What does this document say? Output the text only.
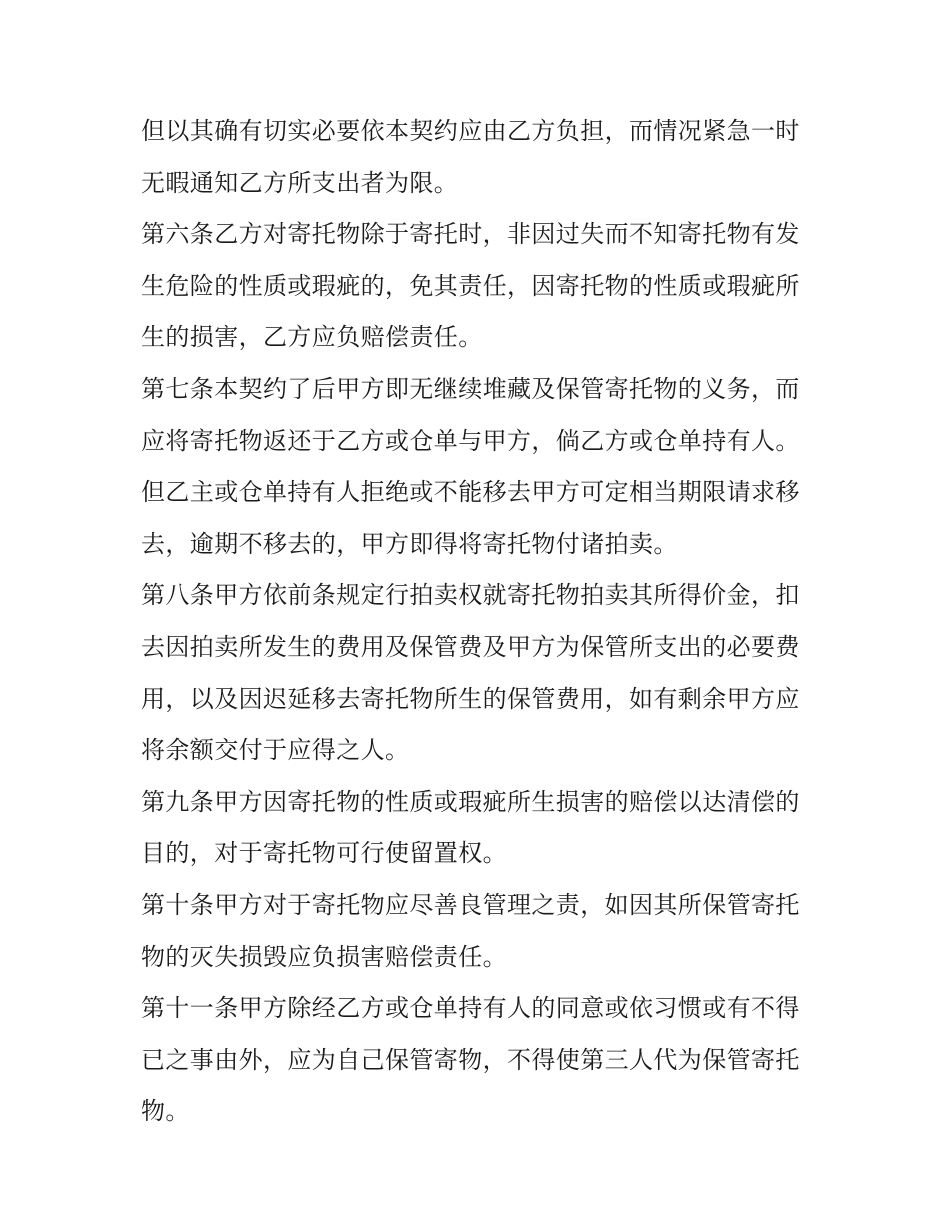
但以其确有切实必要依本契约应由乙方负担，而情况紧急一时
无暇通知乙方所支出者为限。
第六条乙方对寄托物除于寄托时，非因过失而不知寄托物有发
生危险的性质或瑕疵的，免其责任，因寄托物的性质或瑕疵所
生的损害，乙方应负赔偿责任。
第七条本契约了后甲方即无继续堆藏及保管寄托物的义务，而
应将寄托物返还于乙方或仓单与甲方，倘乙方或仓单持有人。
但乙主或仓单持有人拒绝或不能移去甲方可定相当期限请求移
去，逾期不移去的，甲方即得将寄托物付诸拍卖。
第八条甲方依前条规定行拍卖权就寄托物拍卖其所得价金，扣
去因拍卖所发生的费用及保管费及甲方为保管所支出的必要费
用，以及因迟延移去寄托物所生的保管费用，如有剩余甲方应
将余额交付于应得之人。
第九条甲方因寄托物的性质或瑕疵所生损害的赔偿以达清偿的
目的，对于寄托物可行使留置权。
第十条甲方对于寄托物应尽善良管理之责，如因其所保管寄托
物的灭失损毁应负损害赔偿责任。
第十一条甲方除经乙方或仓单持有人的同意或依习惯或有不得
已之事由外，应为自己保管寄物，不得使第三人代为保管寄托
物。
